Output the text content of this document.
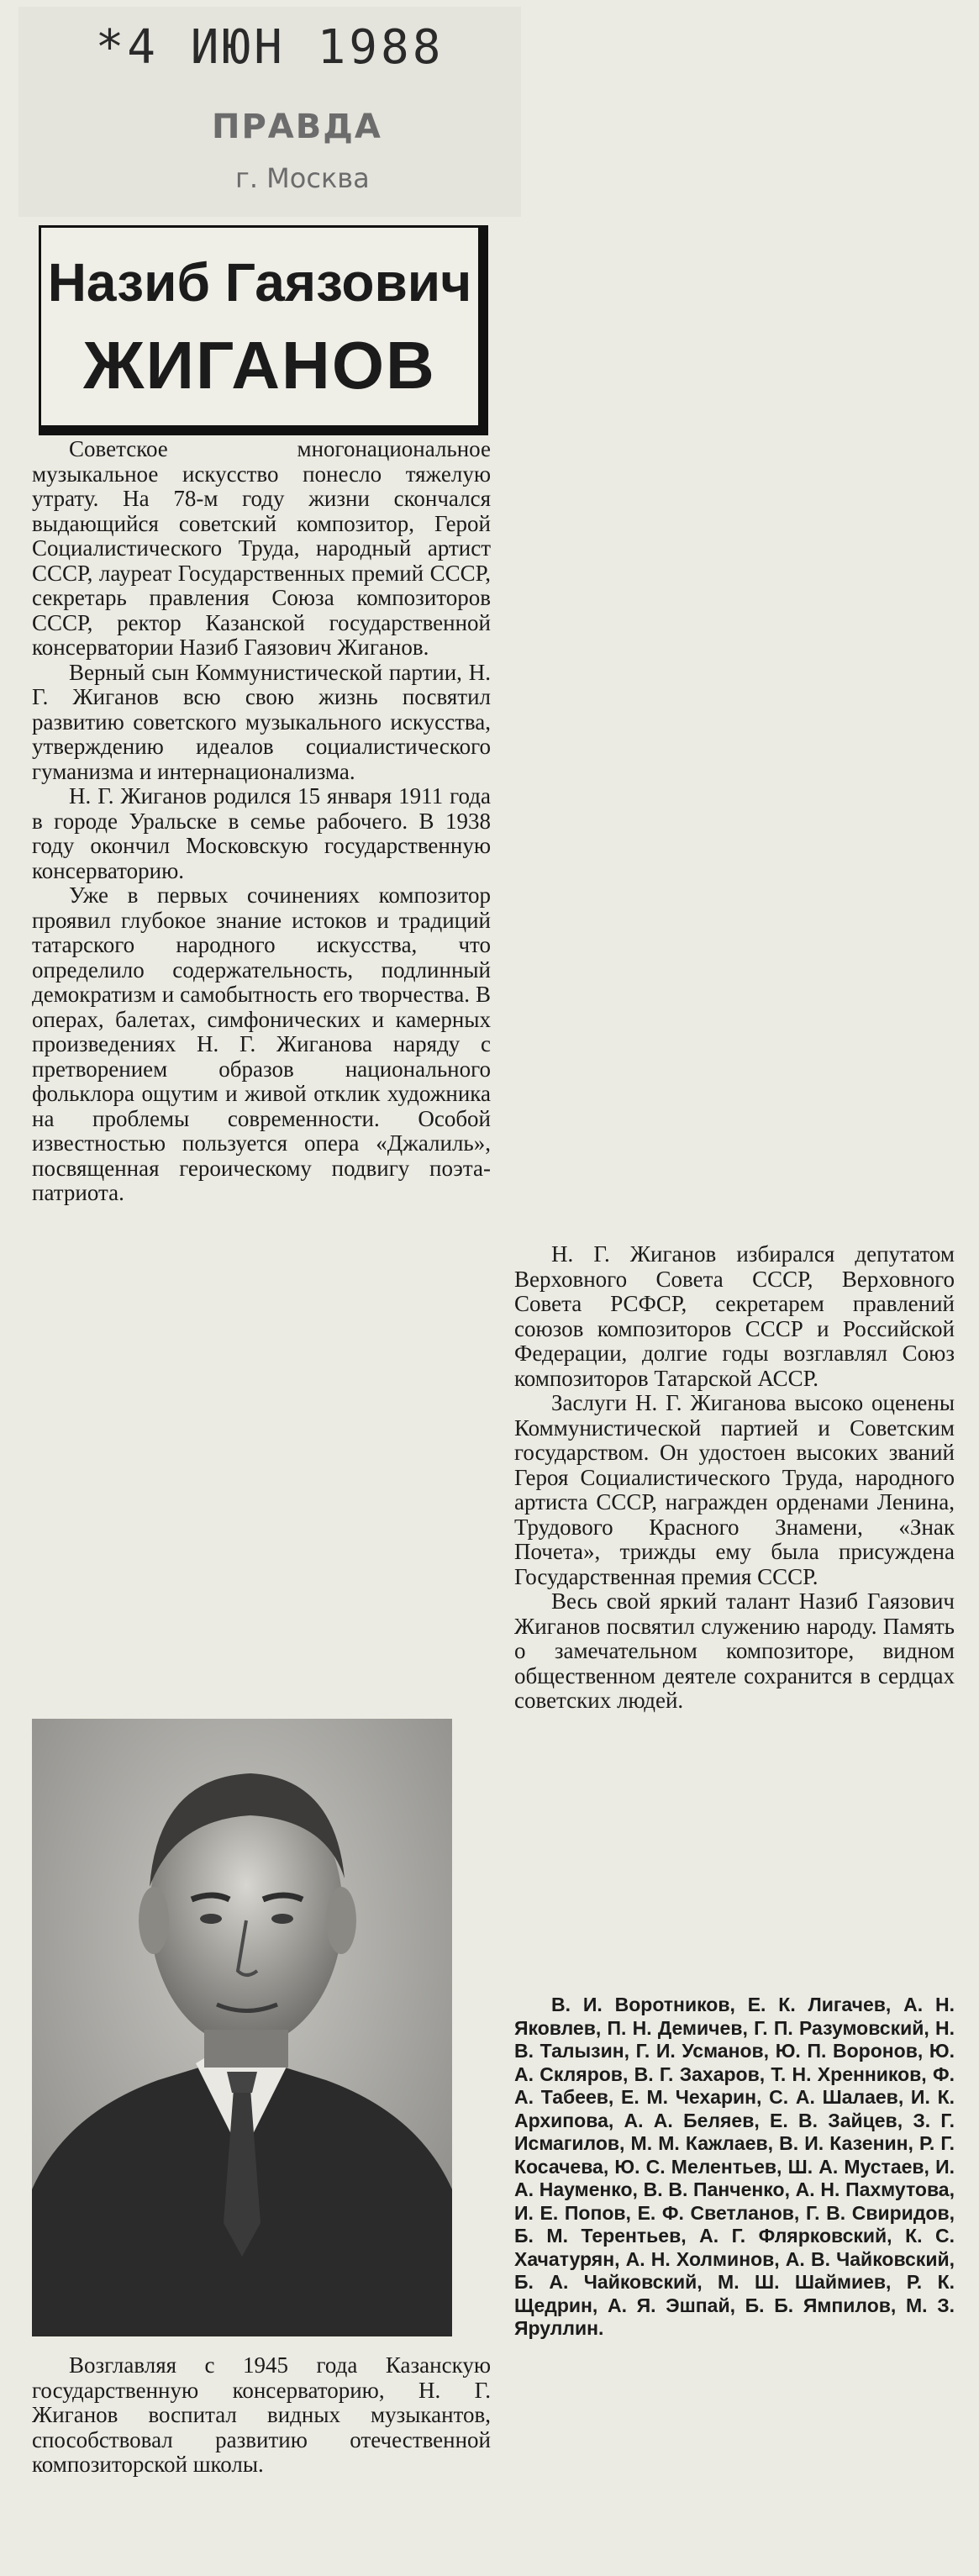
*4 ИЮН 1988
ПРАВДА
г. Москва
Назиб Гаязович
ЖИГАНОВ

Советское многонациональное музыкальное искусство понесло тяжелую утрату. На 78-м году жизни скончался выдающийся советский композитор, Герой Социалистического Труда, народный артист СССР, лауреат Государственных премий СССР, секретарь правления Союза композиторов СССР, ректор Казанской государственной консерватории Назиб Гаязович Жиганов.

Верный сын Коммунистической партии, Н. Г. Жиганов всю свою жизнь посвятил развитию советского музыкального искусства, утверждению идеалов социалистического гуманизма и интернационализма.

Н. Г. Жиганов родился 15 января 1911 года в городе Уральске в семье рабочего. В 1938 году окончил Московскую государственную консерваторию.

Уже в первых сочинениях композитор проявил глубокое знание истоков и традиций татарского народного искусства, что определило содержательность, подлинный демократизм и самобытность его творчества. В операх, балетах, симфонических и камерных произведениях Н. Г. Жиганова наряду с претворением образов национального фольклора ощутим и живой отклик художника на проблемы современности. Особой известностью пользуется опера «Джалиль», посвященная героическому подвигу поэта-патриота.

Возглавляя с 1945 года Казанскую государственную консерваторию, Н. Г. Жиганов воспитал видных музыкантов, способствовал развитию отечественной композиторской школы.

Н. Г. Жиганов избирался депутатом Верховного Совета СССР, Верховного Совета РСФСР, секретарем правлений союзов композиторов СССР и Российской Федерации, долгие годы возглавлял Союз композиторов Татарской АССР.

Заслуги Н. Г. Жиганова высоко оценены Коммунистической партией и Советским государством. Он удостоен высоких званий Героя Социалистического Труда, народного артиста СССР, награжден орденами Ленина, Трудового Красного Знамени, «Знак Почета», трижды ему была присуждена Государственная премия СССР.

Весь свой яркий талант Назиб Гаязович Жиганов посвятил служению народу. Память о замечательном композиторе, видном общественном деятеле сохранится в сердцах советских людей.

В. И. Воротников, Е. К. Лигачев, А. Н. Яковлев, П. Н. Демичев, Г. П. Разумовский, Н. В. Талызин, Г. И. Усманов, Ю. П. Воронов, Ю. А. Скляров, В. Г. Захаров, Т. Н. Хренников, Ф. А. Табеев, Е. М. Чехарин, С. А. Шалаев, И. К. Архипова, А. А. Беляев, Е. В. Зайцев, З. Г. Исмагилов, М. М. Кажлаев, В. И. Казенин, Р. Г. Косачева, Ю. С. Мелентьев, Ш. А. Мустаев, И. А. Науменко, В. В. Панченко, А. Н. Пахмутова, И. Е. Попов, Е. Ф. Светланов, Г. В. Свиридов, Б. М. Терентьев, А. Г. Флярковский, К. С. Хачатурян, А. Н. Холминов, А. В. Чайковский, Б. А. Чайковский, М. Ш. Шаймиев, Р. К. Щедрин, А. Я. Эшпай, Б. Б. Ямпилов, М. З. Яруллин.
